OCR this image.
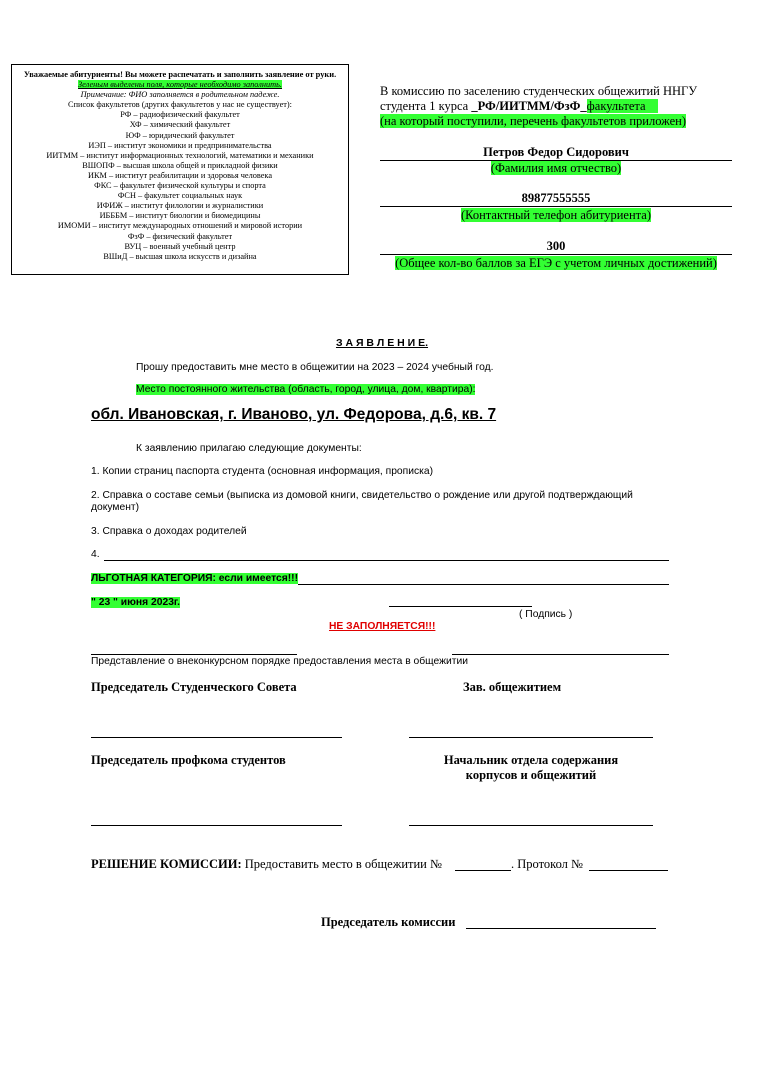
Уважаемые абитуриенты! Вы можете распечатать и заполнить заявление от руки.
Зеленым выделены поля, которые необходимо заполнить.
Примечание: ФИО заполняется в родительном падеже.
Список факультетов (других факультетов у нас не существует):
РФ – радиофизический факультет
ХФ – химический факультет
ЮФ – юридический факультет
ИЭП – институт экономики и предпринимательства
ИИТММ – институт информационных технологий, математики и механики
ВШОПФ – высшая школа общей и прикладной физики
ИКМ – институт реабилитации и здоровья человека
ФКС – факультет физической культуры и спорта
ФСН – факультет социальных наук
ИФИЖ – институт филологии и журналистики
ИБББМ – институт биологии и биомедицины
ИМОМИ – институт международных отношений и мировой истории
ФзФ – физический факультет
ВУЦ – военный учебный центр
ВШиД – высшая школа искусств и дизайна
В комиссию по заселению студенческих общежитий ННГУ
студента 1 курса _РФ/ИИТММ/ФзФ_факультета
(на который поступили, перечень факультетов приложен)
Петров Федор Сидорович
(Фамилия имя отчество)
89877555555
(Контактный телефон абитуриента)
300
(Общее кол-во баллов за ЕГЭ с учетом личных достижений)
З А Я В Л Е Н И Е.
Прошу предоставить мне место в общежитии на 2023 – 2024 учебный год.
Место постоянного жительства (область, город, улица, дом, квартира):
обл. Ивановская, г. Иваново, ул. Федорова, д.6, кв. 7
К заявлению прилагаю следующие документы:
1. Копии страниц паспорта студента (основная информация, прописка)
2. Справка о составе семьи (выписка из домовой книги, свидетельство о рождение или другой подтверждающий
документ)
3. Справка о доходах родителей
4.
ЛЬГОТНАЯ КАТЕГОРИЯ: если имеется!!!
" 23 " июня 2023г.
( Подпись )
НЕ ЗАПОЛНЯЕТСЯ!!!
Представление о внеконкурсном порядке предоставления места в общежитии
Председатель Студенческого Совета	Зав. общежитием
Председатель профкома студентов	Начальник отдела содержания
корпусов и общежитий
РЕШЕНИЕ КОМИССИИ: Предоставить место в общежитии №	. Протокол №
Председатель комиссии
